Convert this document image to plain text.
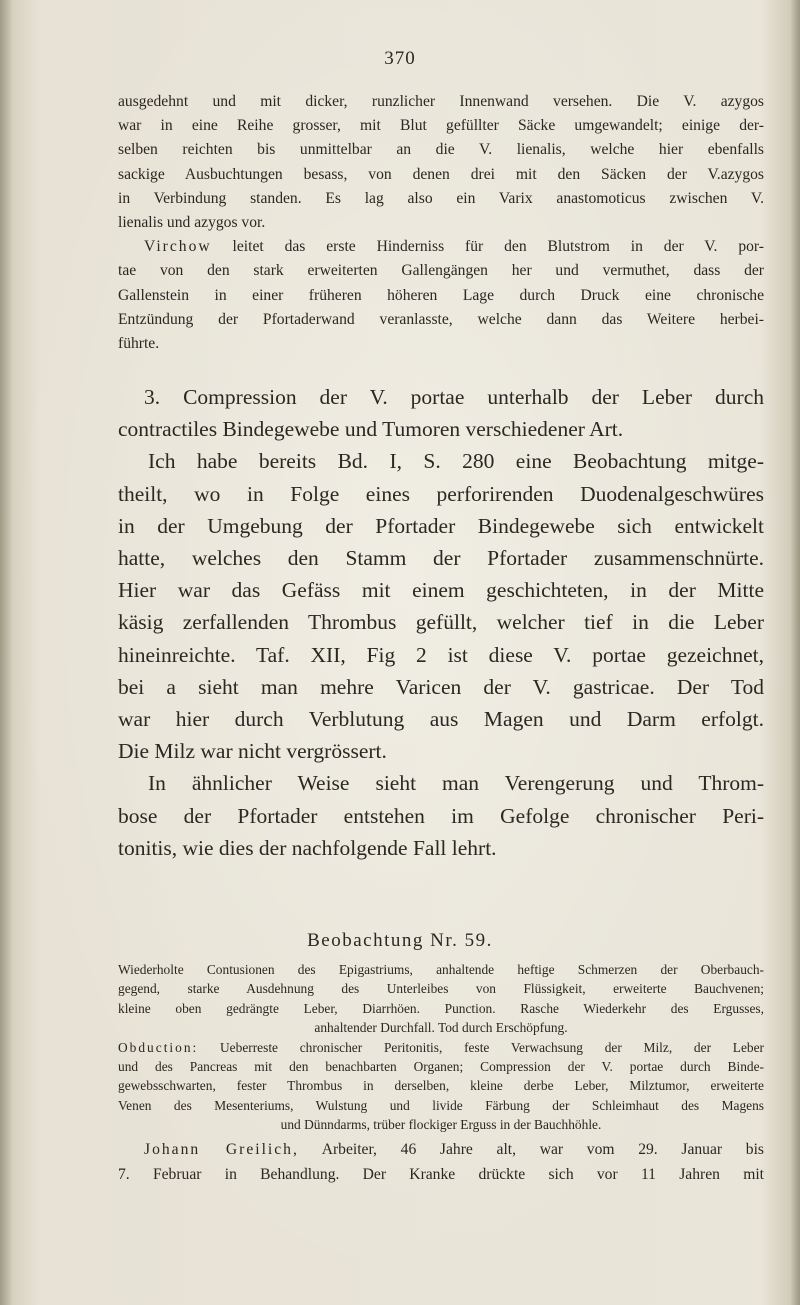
370
ausgedehnt und mit dicker, runzlicher Innenwand versehen. Die V. azygos
war in eine Reihe grosser, mit Blut gefüllter Säcke umgewandelt; einige der-
selben reichten bis unmittelbar an die V. lienalis, welche hier ebenfalls
sackige Ausbuchtungen besass, von denen drei mit den Säcken der V.azygos
in Verbindung standen. Es lag also ein Varix anastomoticus zwischen V.
lienalis und azygos vor.
Virchow leitet das erste Hinderniss für den Blutstrom in der V. por-
tae von den stark erweiterten Gallengängen her und vermuthet, dass der
Gallenstein in einer früheren höheren Lage durch Druck eine chronische
Entzündung der Pfortaderwand veranlasste, welche dann das Weitere herbei-
führte.
3. Compression der V. portae unterhalb der Leber durch
contractiles Bindegewebe und Tumoren verschiedener Art.
Ich habe bereits Bd. I, S. 280 eine Beobachtung mitge-
theilt, wo in Folge eines perforirenden Duodenalgeschwüres
in der Umgebung der Pfortader Bindegewebe sich entwickelt
hatte, welches den Stamm der Pfortader zusammenschnürte.
Hier war das Gefäss mit einem geschichteten, in der Mitte
käsig zerfallenden Thrombus gefüllt, welcher tief in die Leber
hineinreichte. Taf. XII, Fig 2 ist diese V. portae gezeichnet,
bei a sieht man mehre Varicen der V. gastricae. Der Tod
war hier durch Verblutung aus Magen und Darm erfolgt.
Die Milz war nicht vergrössert.
In ähnlicher Weise sieht man Verengerung und Throm-
bose der Pfortader entstehen im Gefolge chronischer Peri-
tonitis, wie dies der nachfolgende Fall lehrt.
Beobachtung Nr. 59.
Wiederholte Contusionen des Epigastriums, anhaltende heftige Schmerzen der Oberbauch-
gegend, starke Ausdehnung des Unterleibes von Flüssigkeit, erweiterte Bauchvenen;
kleine oben gedrängte Leber, Diarrhöen. Punction. Rasche Wiederkehr des Ergusses,
anhaltender Durchfall. Tod durch Erschöpfung.
Obduction: Ueberreste chronischer Peritonitis, feste Verwachsung der Milz, der Leber
und des Pancreas mit den benachbarten Organen; Compression der V. portae durch Binde-
gewebsschwarten, fester Thrombus in derselben, kleine derbe Leber, Milztumor, erweiterte
Venen des Mesenteriums, Wulstung und livide Färbung der Schleimhaut des Magens
und Dünndarms, trüber flockiger Erguss in der Bauchhöhle.
Johann Greilich, Arbeiter, 46 Jahre alt, war vom 29. Januar bis
7. Februar in Behandlung. Der Kranke drückte sich vor 11 Jahren mit
